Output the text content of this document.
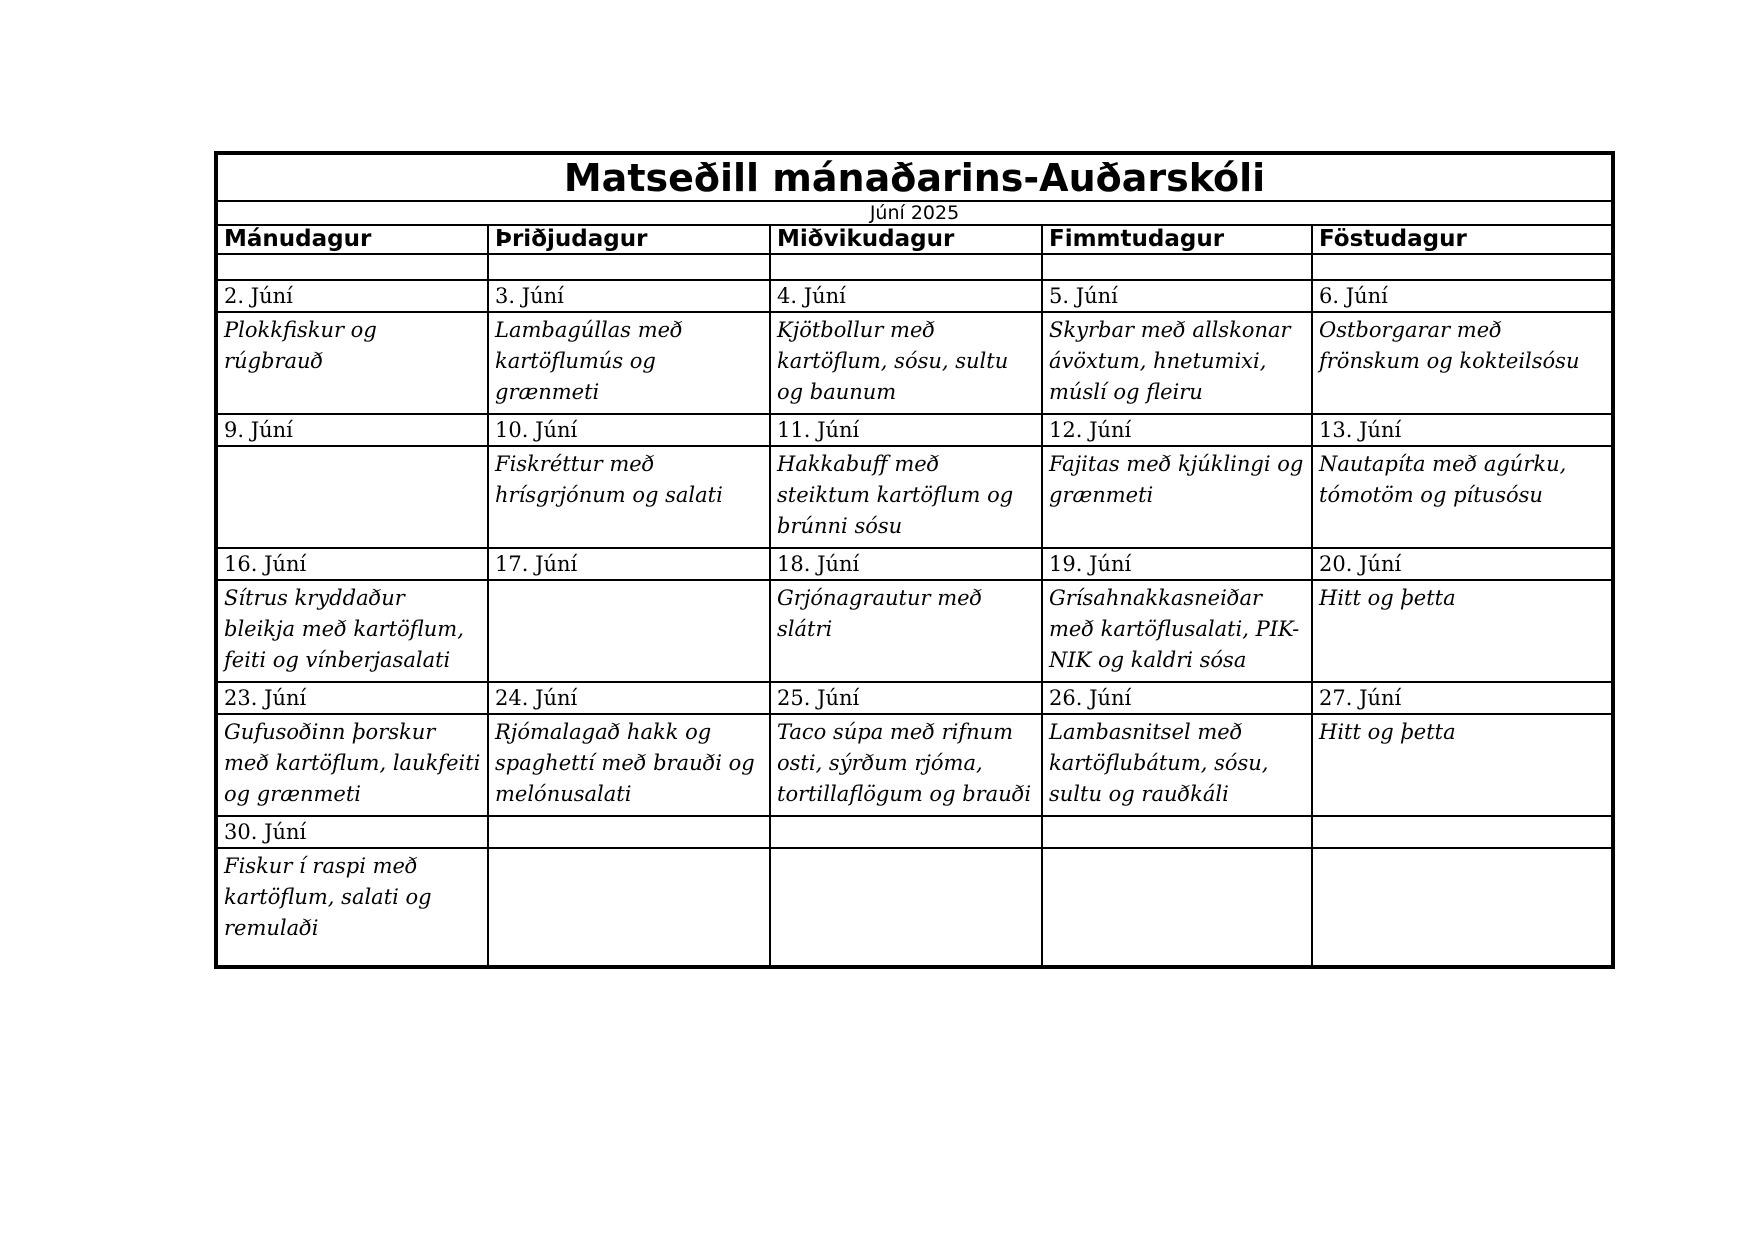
Matseðill mánaðarins-Auðarskóli				
Júní 2025				
Mánudagur	Þriðjudagur	Miðvikudagur	Fimmtudagur	Föstudagur

2. Júní	3. Júní	4. Júní	5. Júní	6. Júní
Plokkfiskur og rúgbrauð	Lambagúllas með kartöflumús og grænmeti	Kjötbollur með kartöflum, sósu, sultu og baunum	Skyrbar með allskonar ávöxtum, hnetumixi, múslí og fleiru	Ostborgarar með frönskum og kokteilsósu
9. Júní	10. Júní	11. Júní	12. Júní	13. Júní
	Fiskréttur með hrísgrjónum og salati	Hakkabuff með steiktum kartöflum og brúnni sósu	Fajitas með kjúklingi og grænmeti	Nautapíta með agúrku, tómotöm og pítusósu
16. Júní	17. Júní	18. Júní	19. Júní	20. Júní
Sítrus kryddaður bleikja með kartöflum, feiti og vínberjasalati		Grjónagrautur með slátri	Grísahnakkasneiðar með kartöflusalati, PIK-NIK og kaldri sósa	Hitt og þetta
23. Júní	24. Júní	25. Júní	26. Júní	27. Júní
Gufusoðinn þorskur með kartöflum, laukfeiti og grænmeti	Rjómalagað hakk og spaghettí með brauði og melónusalati	Taco súpa með rifnum osti, sýrðum rjóma, tortillaflögum og brauði	Lambasnitsel með kartöflubátum, sósu, sultu og rauðkáli	Hitt og þetta
30. Júní				
Fiskur í raspi með kartöflum, salati og remulaði				
